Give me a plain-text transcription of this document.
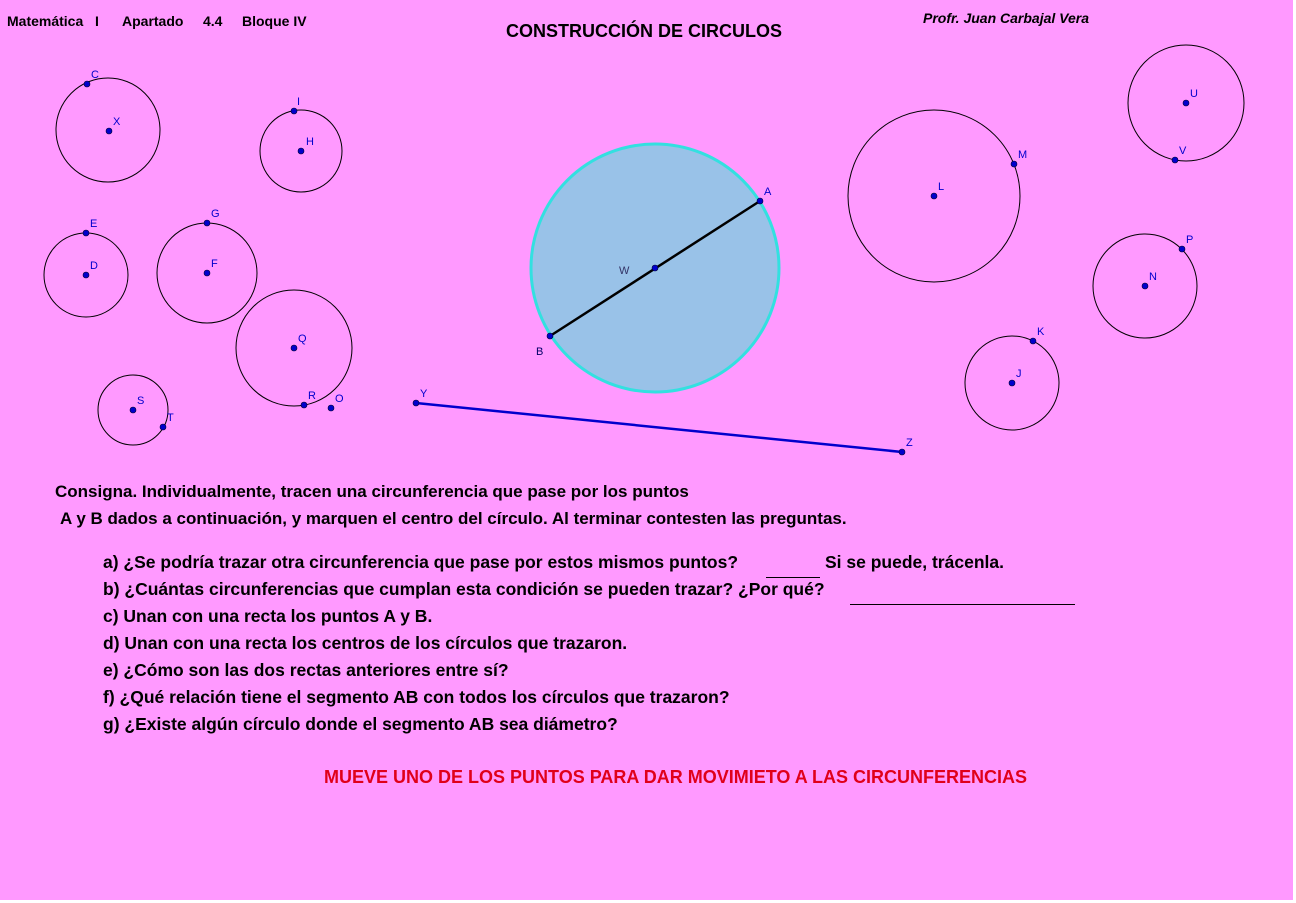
Matemática I Apartado 4.4 Bloque IV	CONSTRUCCIÓN DE CIRCULOS
Profr. Juan Carbajal Vera
A
B
C
D
E
F
G
H
I
J
K
L
M
N
O
P
Q
R
S
T
U
V
W
X
Y
Z
Consigna. Individualmente, tracen una circunferencia que pase por los puntos
A y B dados a continuación, y marquen el centro del círculo. Al terminar contesten las preguntas.
a) ¿Se podría trazar otra circunferencia que pase por estos mismos puntos?	Si se puede, trácenla.
b) ¿Cuántas circunferencias que cumplan esta condición se pueden trazar? ¿Por qué?
c) Unan con una recta los puntos A y B.
d) Unan con una recta los centros de los círculos que trazaron.
e) ¿Cómo son las dos rectas anteriores entre sí?
f) ¿Qué relación tiene el segmento AB con todos los círculos que trazaron?
g) ¿Existe algún círculo donde el segmento AB sea diámetro?
MUEVE UNO DE LOS PUNTOS PARA DAR MOVIMIETO A LAS CIRCUNFERENCIAS
